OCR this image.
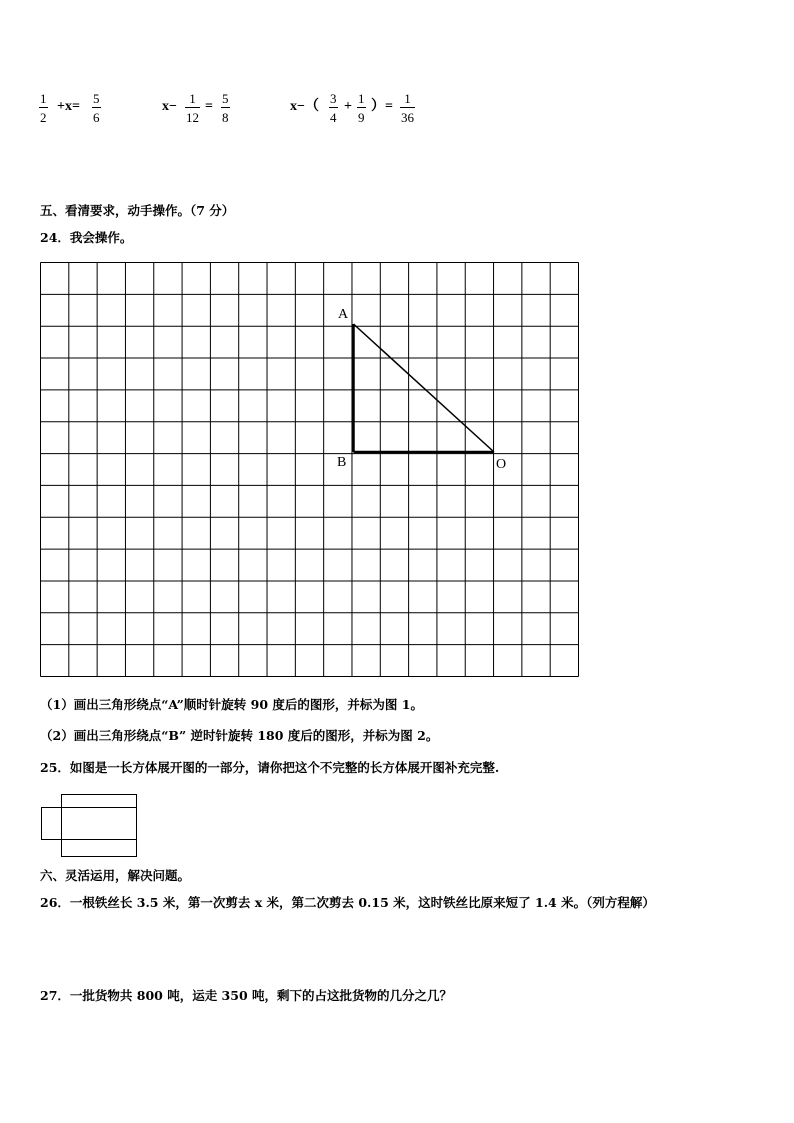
1
2
+x=
5
6
x−
1
12
=
5
8
x−（
3
4
+
1
9
）=
1
36
五、看清要求，动手操作。（7 分）
24．我会操作。
A
B	O
（1）画出三角形绕点“A”顺时针旋转 90 度后的图形，并标为图 1。
（2）画出三角形绕点“B” 逆时针旋转 180 度后的图形，并标为图 2。
25．如图是一长方体展开图的一部分，请你把这个不完整的长方体展开图补充完整.
六、灵活运用，解决问题。
26．一根铁丝长 3.5 米，第一次剪去 x 米，第二次剪去 0.15 米，这时铁丝比原来短了 1.4 米。（列方程解）
27．一批货物共 800 吨，运走 350 吨，剩下的占这批货物的几分之几？
